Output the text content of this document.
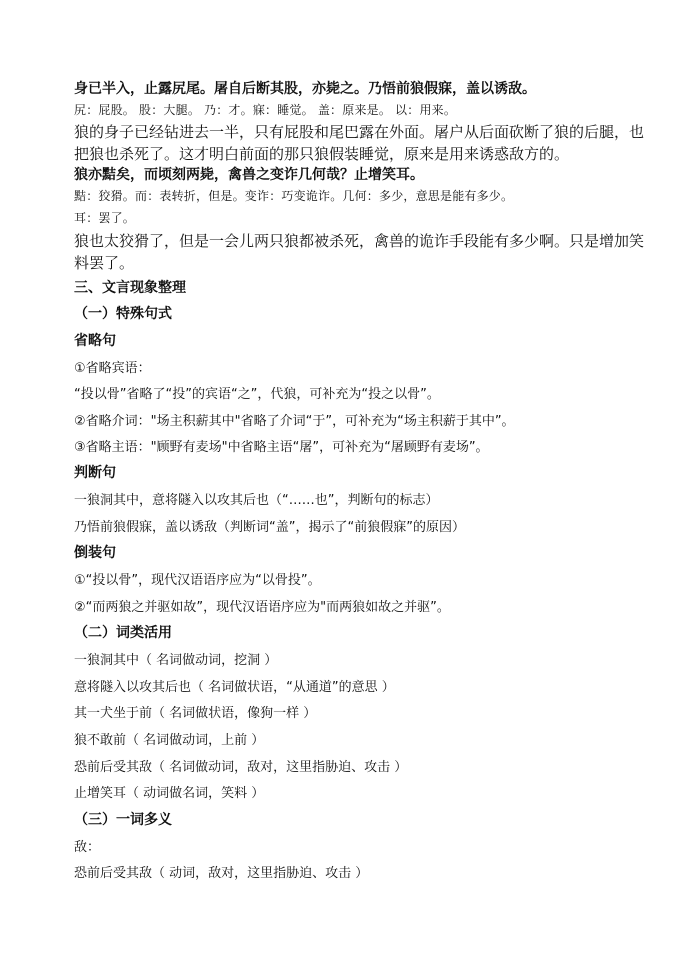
身已半入，止露尻尾。屠自后断其股，亦毙之。乃悟前狼假寐，盖以诱敌。
尻：屁股。 股：大腿。 乃：才。寐：睡觉。 盖：原来是。 以：用来。
狼的身子已经钻进去一半，只有屁股和尾巴露在外面。屠户从后面砍断了狼的后腿，也
把狼也杀死了。这才明白前面的那只狼假装睡觉，原来是用来诱惑敌方的。
狼亦黠矣，而顷刻两毙，禽兽之变诈几何哉？止增笑耳。
黠：狡猾。而：表转折，但是。变诈：巧变诡诈。几何：多少，意思是能有多少。
耳：罢了。
狼也太狡猾了，但是一会儿两只狼都被杀死，禽兽的诡诈手段能有多少啊。只是增加笑
料罢了。
三、文言现象整理
（一）特殊句式
省略句
①省略宾语：
“投以骨”省略了“投”的宾语“之”，代狼，可补充为“投之以骨”。
②省略介词："场主积薪其中"省略了介词“于”，可补充为“场主积薪于其中”。
③省略主语："顾野有麦场"中省略主语“屠”，可补充为“屠顾野有麦场”。
判断句
一狼洞其中，意将隧入以攻其后也（“……也”，判断句的标志）
乃悟前狼假寐，盖以诱敌（判断词“盖”，揭示了“前狼假寐”的原因）
倒装句
①“投以骨”，现代汉语语序应为“以骨投”。
②“而两狼之并驱如故”，现代汉语语序应为"而两狼如故之并驱”。
（二）词类活用
一狼洞其中（ 名词做动词，挖洞 ）
意将隧入以攻其后也（ 名词做状语，“从通道”的意思 ）
其一犬坐于前（ 名词做状语，像狗一样 ）
狼不敢前（ 名词做动词，上前 ）
恐前后受其敌（ 名词做动词，敌对，这里指胁迫、攻击 ）
止增笑耳（ 动词做名词，笑料 ）
（三）一词多义
敌：
恐前后受其敌（ 动词，敌对，这里指胁迫、攻击 ）
